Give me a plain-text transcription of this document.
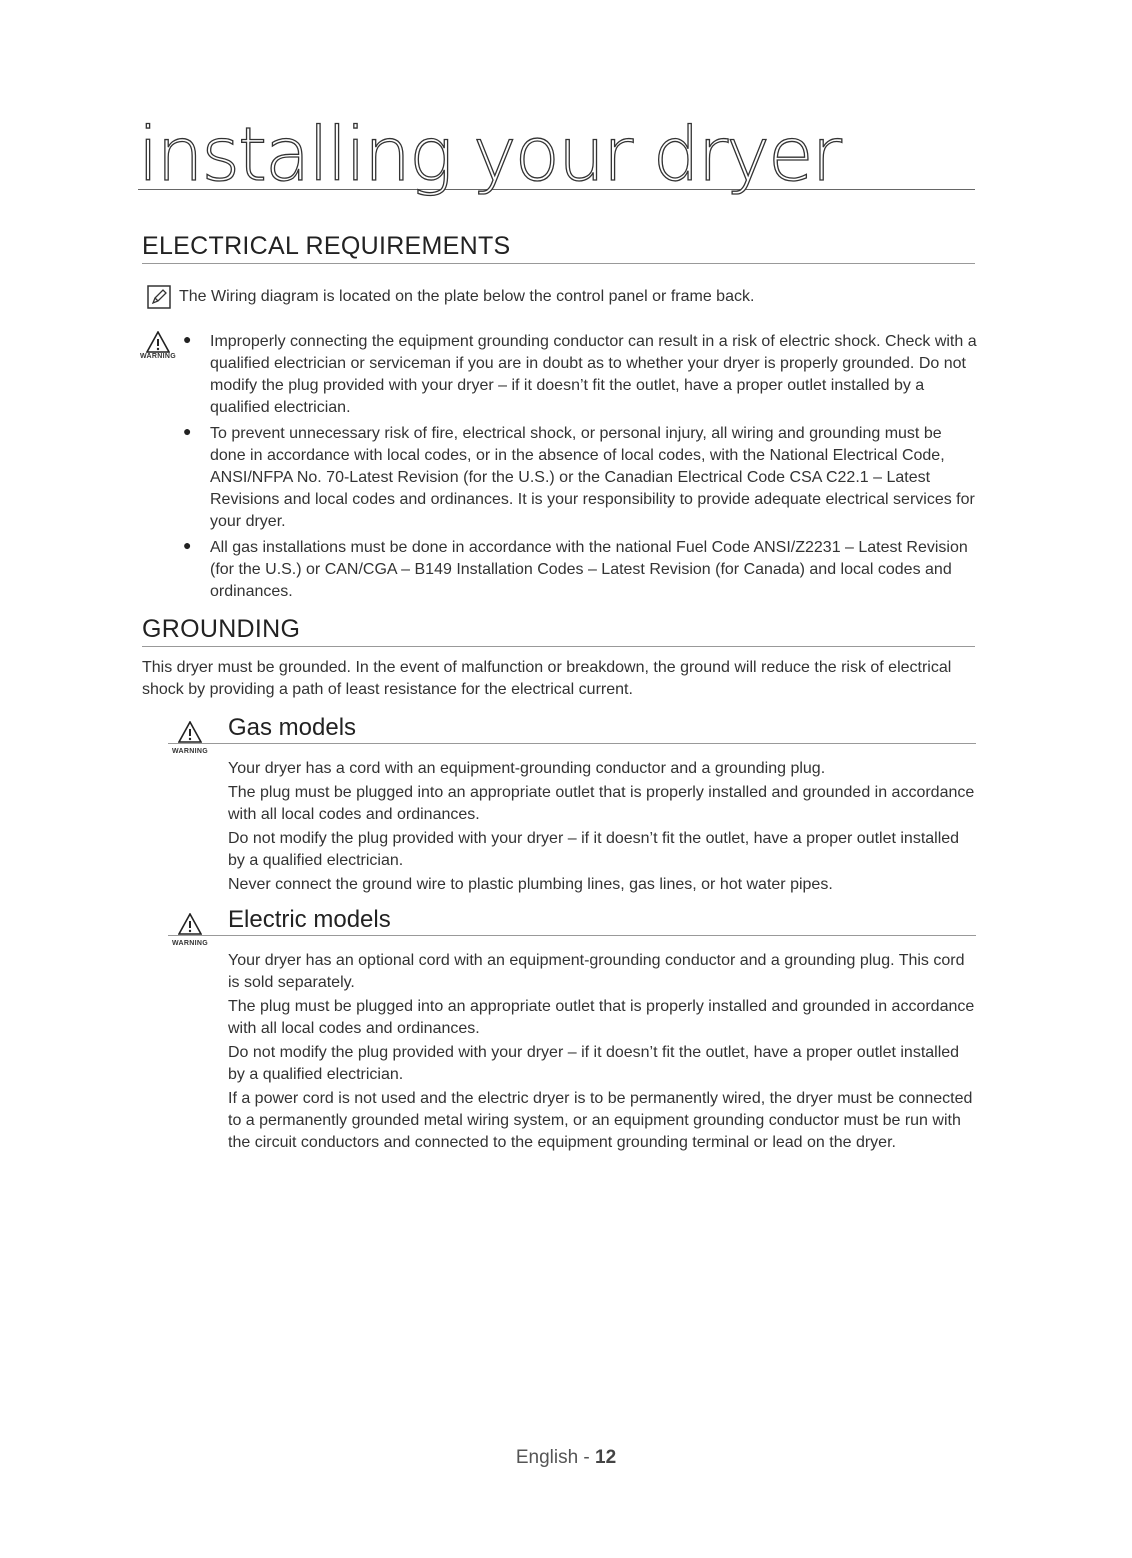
installing your dryer
ELECTRICAL REQUIREMENTS

The Wiring diagram is located on the plate below the control panel or frame back.

WARNING
● Improperly connecting the equipment grounding conductor can result in a risk of electric shock. Check with a qualified electrician or serviceman if you are in doubt as to whether your dryer is properly grounded. Do not modify the plug provided with your dryer – if it doesn’t fit the outlet, have a proper outlet installed by a qualified electrician.

● To prevent unnecessary risk of fire, electrical shock, or personal injury, all wiring and grounding must be done in accordance with local codes, or in the absence of local codes, with the National Electrical Code, ANSI/NFPA No. 70-Latest Revision (for the U.S.) or the Canadian Electrical Code CSA C22.1 – Latest Revisions and local codes and ordinances. It is your responsibility to provide adequate electrical services for your dryer.

● All gas installations must be done in accordance with the national Fuel Code ANSI/Z2231 – Latest Revision (for the U.S.) or CAN/CGA – B149 Installation Codes – Latest Revision (for Canada) and local codes and ordinances.

GROUNDING

This dryer must be grounded. In the event of malfunction or breakdown, the ground will reduce the risk of electrical shock by providing a path of least resistance for the electrical current.

WARNING
Gas models

Your dryer has a cord with an equipment-grounding conductor and a grounding plug.

The plug must be plugged into an appropriate outlet that is properly installed and grounded in accordance with all local codes and ordinances.

Do not modify the plug provided with your dryer – if it doesn’t fit the outlet, have a proper outlet installed by a qualified electrician.

Never connect the ground wire to plastic plumbing lines, gas lines, or hot water pipes.

WARNING
Electric models

Your dryer has an optional cord with an equipment-grounding conductor and a grounding plug. This cord is sold separately.

The plug must be plugged into an appropriate outlet that is properly installed and grounded in accordance with all local codes and ordinances.

Do not modify the plug provided with your dryer – if it doesn’t fit the outlet, have a proper outlet installed by a qualified electrician.

If a power cord is not used and the electric dryer is to be permanently wired, the dryer must be connected to a permanently grounded metal wiring system, or an equipment grounding conductor must be run with the circuit conductors and connected to the equipment grounding terminal or lead on the dryer.

English - 12
